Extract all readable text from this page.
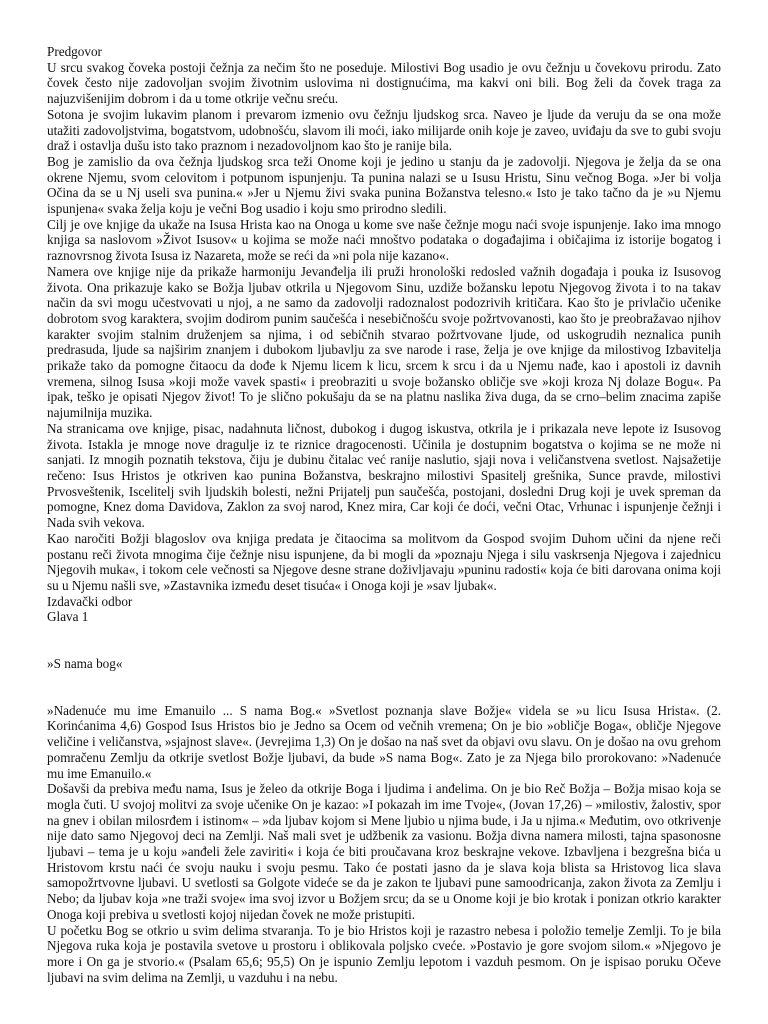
Predgovor

U srcu svakog čoveka postoji čežnja za nečim što ne poseduje. Milostivi Bog usadio je ovu čežnju u čovekovu prirodu. Zato čovek često nije zadovoljan svojim životnim uslovima ni dostignućima, ma kakvi oni bili. Bog želi da čovek traga za najuzvišenijim dobrom i da u tome otkrije večnu sreću.

Sotona je svojim lukavim planom i prevarom izmenio ovu čežnju ljudskog srca. Naveo je ljude da veruju da se ona može utažiti zadovoljstvima, bogatstvom, udobnošću, slavom ili moći, iako milijarde onih koje je zaveo, uviđaju da sve to gubi svoju draž i ostavlja dušu isto tako praznom i nezadovoljnom kao što je ranije bila.

Bog je zamislio da ova čežnja ljudskog srca teži Onome koji je jedino u stanju da je zadovolji. Njegova je želja da se ona okrene Njemu, svom celovitom i potpunom ispunjenju. Ta punina nalazi se u Isusu Hristu, Sinu večnog Boga. »Jer bi volja Očina da se u Nj useli sva punina.« »Jer u Njemu živi svaka punina Božanstva telesno.« Isto je tako tačno da je »u Njemu ispunjena« svaka želja koju je večni Bog usadio i koju smo prirodno sledili.

Cilj je ove knjige da ukaže na Isusa Hrista kao na Onoga u kome sve naše čežnje mogu naći svoje ispunjenje. Iako ima mnogo knjiga sa naslovom »Život Isusov« u kojima se može naći mnoštvo podataka o događajima i običajima iz istorije bogatog i raznovrsnog života Isusa iz Nazareta, može se reći da »ni pola nije kazano«.

Namera ove knjige nije da prikaže harmoniju Jevanđelja ili pruži hronološki redosled važnih događaja i pouka iz Isusovog života. Ona prikazuje kako se Božja ljubav otkrila u Njegovom Sinu, uzdiže božansku lepotu Njegovog života i to na takav način da svi mogu učestvovati u njoj, a ne samo da zadovolji radoznalost podozrivih kritičara. Kao što je privlačio učenike dobrotom svog karaktera, svojim dodirom punim saučešća i nesebičnošću svoje požrtvovanosti, kao što je preobražavao njihov karakter svojim stalnim druženjem sa njima, i od sebičnih stvarao požrtvovane ljude, od uskogrudih neznalica punih predrasuda, ljude sa najširim znanjem i dubokom ljubavlju za sve narode i rase, želja je ove knjige da milostivog Izbavitelja prikaže tako da pomogne čitaocu da dođe k Njemu licem k licu, srcem k srcu i da u Njemu nađe, kao i apostoli iz davnih vremena, silnog Isusa »koji može vavek spasti« i preobraziti u svoje božansko obličje sve »koji kroza Nj dolaze Bogu«. Pa ipak, teško je opisati Njegov život! To je slično pokušaju da se na platnu naslika živa duga, da se crno–belim znacima zapiše najumilnija muzika.

Na stranicama ove knjige, pisac, nadahnuta ličnost, dubokog i dugog iskustva, otkrila je i prikazala neve lepote iz Isusovog života. Istakla je mnoge nove dragulje iz te riznice dragocenosti. Učinila je dostupnim bogatstva o kojima se ne može ni sanjati. Iz mnogih poznatih tekstova, čiju je dubinu čitalac već ranije naslutio, sjaji nova i veličanstvena svetlost. Najsažetije rečeno: Isus Hristos je otkriven kao punina Božanstva, beskrajno milostivi Spasitelj grešnika, Sunce pravde, milostivi Prvosveštenik, Iscelitelj svih ljudskih bolesti, nežni Prijatelj pun saučešća, postojani, dosledni Drug koji je uvek spreman da pomogne, Knez doma Davidova, Zaklon za svoj narod, Knez mira, Car koji će doći, večni Otac, Vrhunac i ispunjenje čežnji i Nada svih vekova.

Kao naročiti Božji blagoslov ova knjiga predata je čitaocima sa molitvom da Gospod svojim Duhom učini da njene reči postanu reči života mnogima čije čežnje nisu ispunjene, da bi mogli da »poznaju Njega i silu vaskrsenja Njegova i zajednicu Njegovih muka«, i tokom cele večnosti sa Njegove desne strane doživljavaju »puninu radosti« koja će biti darovana onima koji su u Njemu našli sve, »Zastavnika između deset tisuća« i Onoga koji je »sav ljubak«.

Izdavački odbor
Glava 1
»S nama bog«

»Nadenuće mu ime Emanuilo ... S nama Bog.« »Svetlost poznanja slave Božje« videla se »u licu Isusa Hrista«. (2. Korinćanima 4,6) Gospod Isus Hristos bio je Jedno sa Ocem od večnih vremena; On je bio »obličje Boga«, obličje Njegove veličine i veličanstva, »sjajnost slave«. (Jevrejima 1,3) On je došao na naš svet da objavi ovu slavu. On je došao na ovu grehom pomračenu Zemlju da otkrije svetlost Božje ljubavi, da bude »S nama Bog«. Zato je za Njega bilo prorokovano: »Nadenuće mu ime Emanuilo.«

Došavši da prebiva među nama, Isus je želeo da otkrije Boga i ljudima i anđelima. On je bio Reč Božja – Božja misao koja se mogla čuti. U svojoj molitvi za svoje učenike On je kazao: »I pokazah im ime Tvoje«, (Jovan 17,26) – »milostiv, žalostiv, spor na gnev i obilan milosrđem i istinom« – »da ljubav kojom si Mene ljubio u njima bude, i Ja u njima.« Međutim, ovo otkrivenje nije dato samo Njegovoj deci na Zemlji. Naš mali svet je udžbenik za vasionu. Božja divna namera milosti, tajna spasonosne ljubavi – tema je u koju »anđeli žele zaviriti« i koja će biti proučavana kroz beskrajne vekove. Izbavljena i bezgrešna bića u Hristovom krstu naći će svoju nauku i svoju pesmu. Tako će postati jasno da je slava koja blista sa Hristovog lica slava samopožrtvovne ljubavi. U svetlosti sa Golgote videće se da je zakon te ljubavi pune samoodricanja, zakon života za Zemlju i Nebo; da ljubav koja »ne traži svoje« ima svoj izvor u Božjem srcu; da se u Onome koji je bio krotak i ponizan otkrio karakter Onoga koji prebiva u svetlosti kojoj nijedan čovek ne može pristupiti.

U početku Bog se otkrio u svim delima stvaranja. To je bio Hristos koji je razastro nebesa i položio temelje Zemlji. To je bila Njegova ruka koja je postavila svetove u prostoru i oblikovala poljsko cveće. »Postavio je gore svojom silom.« »Njegovo je more i On ga je stvorio.« (Psalam 65,6; 95,5) On je ispunio Zemlju lepotom i vazduh pesmom. On je ispisao poruku Očeve ljubavi na svim delima na Zemlji, u vazduhu i na nebu.
